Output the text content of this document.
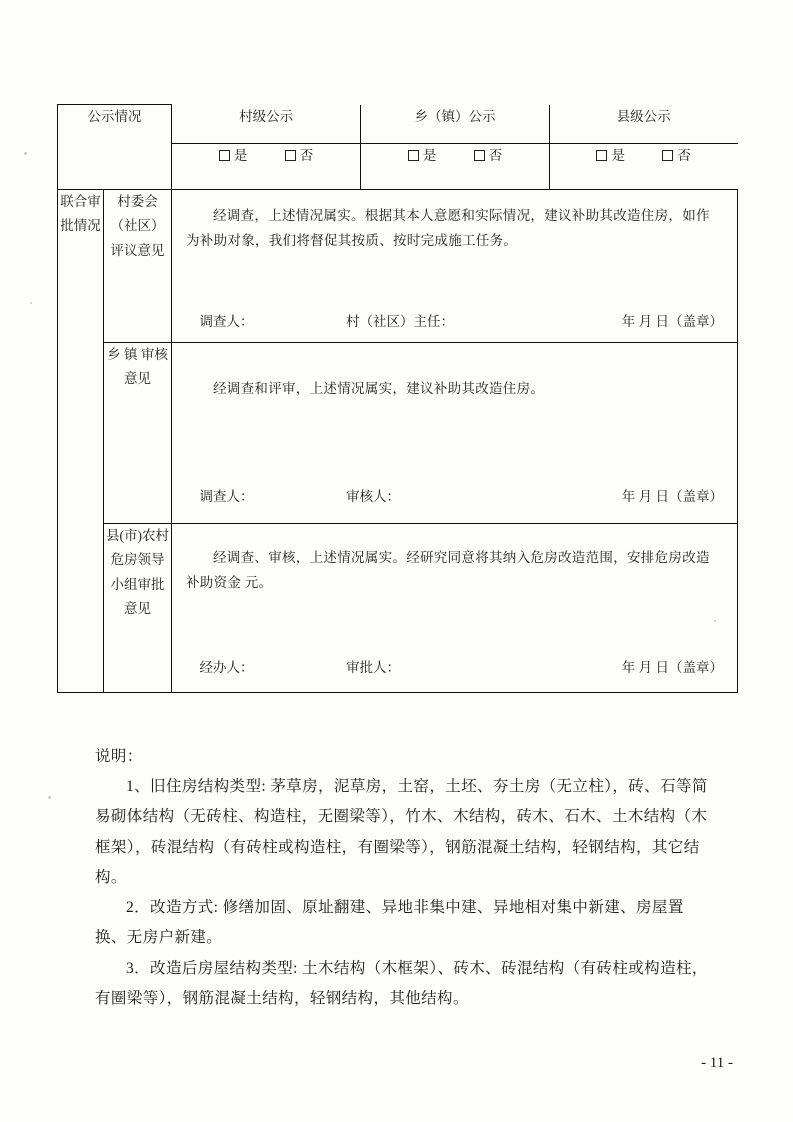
公示情况		村级公示	乡（镇）公示	县级公示
是	否	是	否	是	否

联合审批情况	村委会（社区）评议意见	
经调查，上述情况属实。根据其本人意愿和实际情况，建议补助其改造住房，如作为补助对象，我们将督促其按质、按时完成施工任务。
调查人：	村（社区）主任：	年 月 日（盖章）

乡 镇 审核意见	
经调查和评审，上述情况属实，建议补助其改造住房。
调查人：	审核人：	年 月 日（盖章）

县(市)农村危房领导小组审批意见	
经调查、审核，上述情况属实。经研究同意将其纳入危房改造范围，安排危房改造补助资金 元。
经办人：	审批人：	年 月 日（盖章）

说明：

1、旧住房结构类型: 茅草房，泥草房，土窑，土坯、夯土房（无立柱），砖、石等简易砌体结构（无砖柱、构造柱，无圈梁等），竹木、木结构，砖木、石木、土木结构（木框架），砖混结构（有砖柱或构造柱，有圈梁等），钢筋混凝土结构，轻钢结构，其它结构。

2．改造方式: 修缮加固、原址翻建、异地非集中建、异地相对集中新建、房屋置换、无房户新建。

3．改造后房屋结构类型: 土木结构（木框架）、砖木、砖混结构（有砖柱或构造柱，有圈梁等），钢筋混凝土结构，轻钢结构，其他结构。

- 11 -
